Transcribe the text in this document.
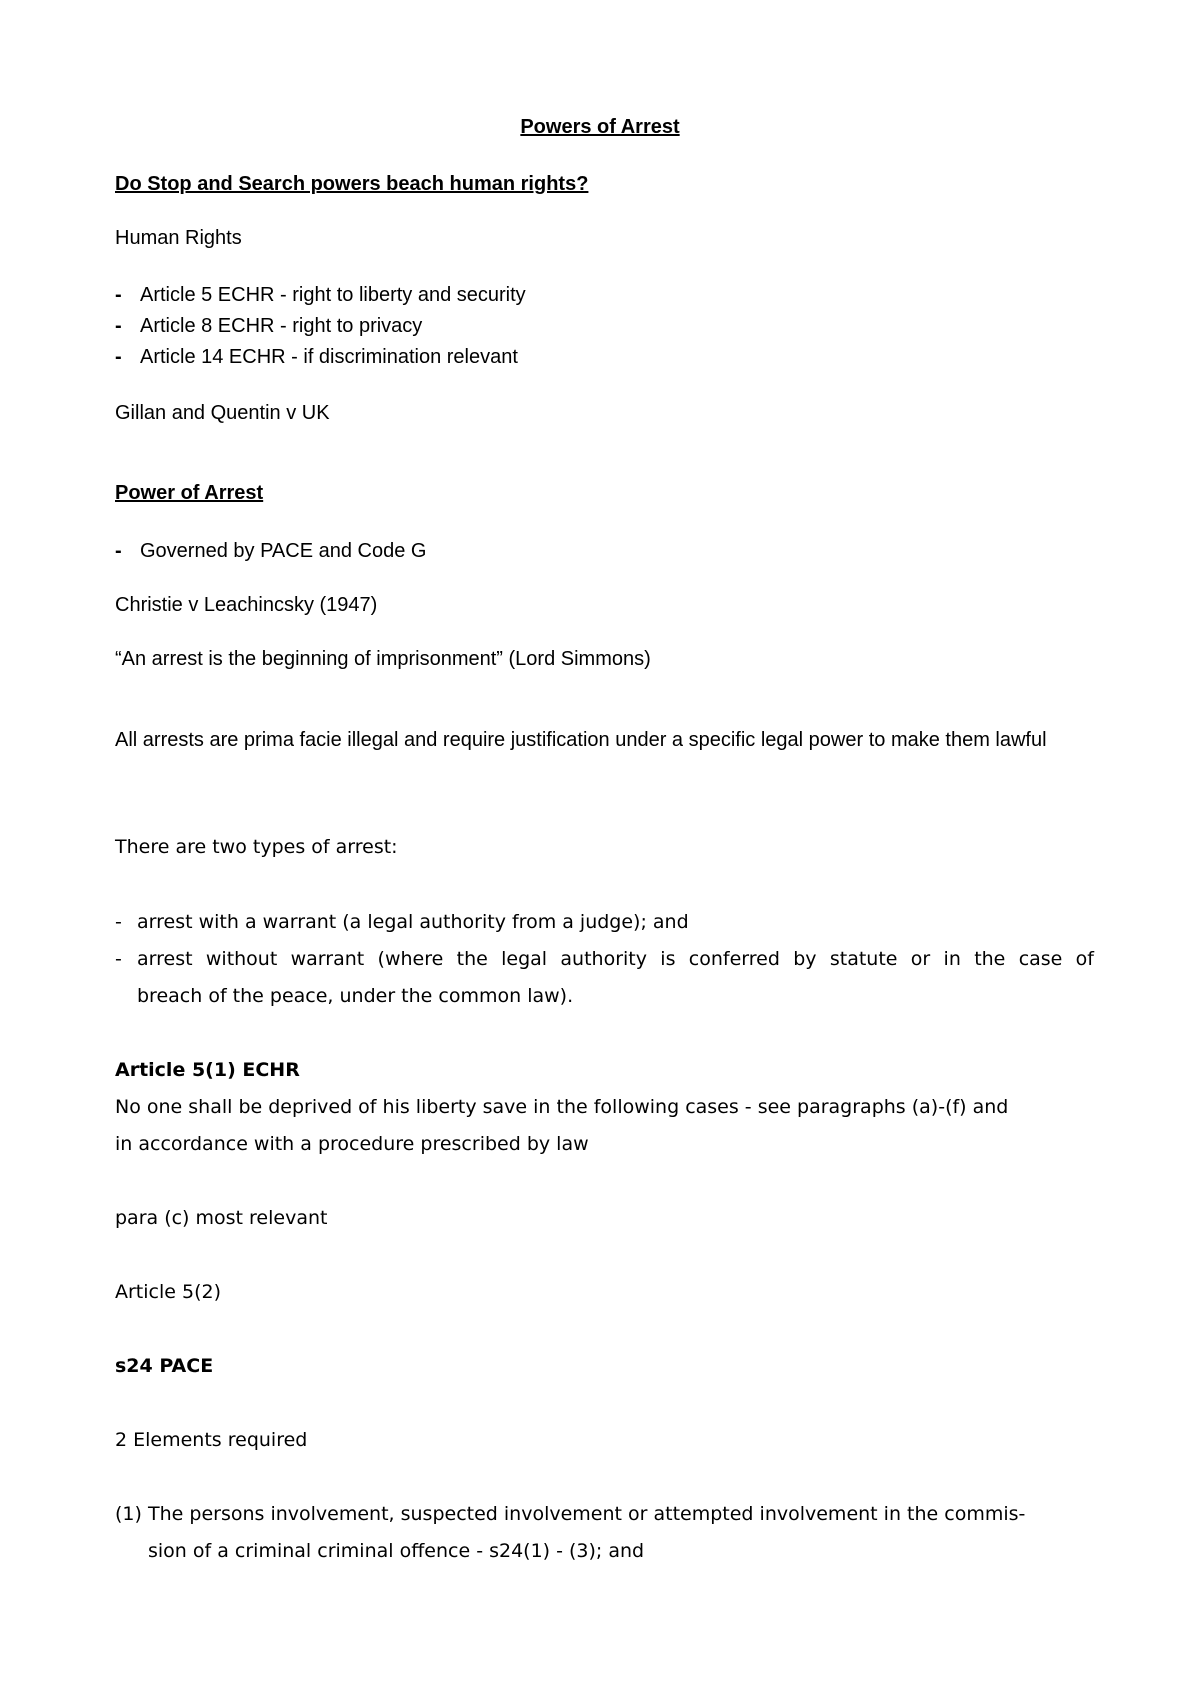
Powers of Arrest
Do Stop and Search powers beach human rights?
Human Rights
- Article 5 ECHR - right to liberty and security
- Article 8 ECHR - right to privacy
- Article 14 ECHR - if discrimination relevant
Gillan and Quentin v UK
Power of Arrest
- Governed by PACE and Code G
Christie v Leachincsky (1947)
“An arrest is the beginning of imprisonment” (Lord Simmons)
All arrests are prima facie illegal and require justification under a specific legal power to make them lawful
There are two types of arrest:
- arrest with a warrant (a legal authority from a judge); and
- arrest without warrant (where the legal authority is conferred by statute or in the case of
breach of the peace, under the common law).
Article 5(1) ECHR
No one shall be deprived of his liberty save in the following cases - see paragraphs (a)-(f) and
in accordance with a procedure prescribed by law
para (c) most relevant
Article 5(2)
s24 PACE
2 Elements required
(1) The persons involvement, suspected involvement or attempted involvement in the commis-
sion of a criminal criminal offence - s24(1) - (3); and
